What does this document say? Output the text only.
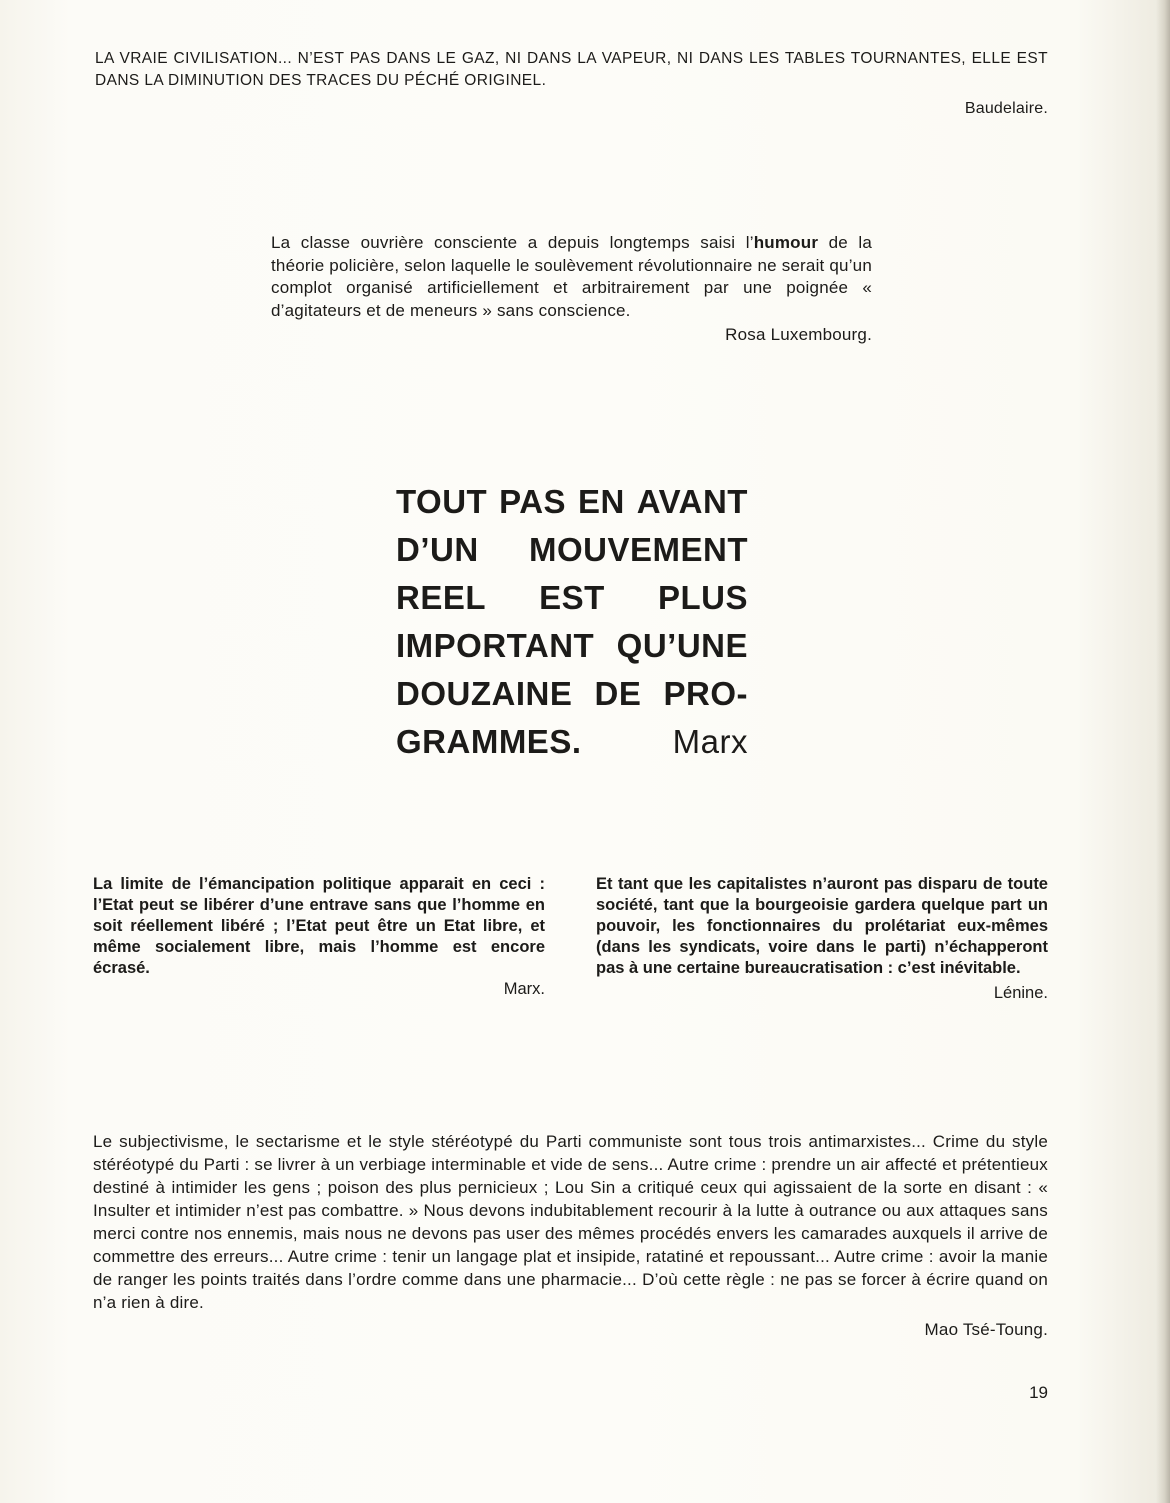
LA VRAIE CIVILISATION... N’EST PAS DANS LE GAZ, NI DANS LA VAPEUR, NI DANS LES TABLES TOURNANTES, ELLE EST DANS LA DIMINUTION DES TRACES DU PÉCHÉ ORIGINEL.
Baudelaire.
La classe ouvrière consciente a depuis longtemps saisi l’humour de la théorie policière, selon laquelle le soulèvement révolutionnaire ne serait qu’un complot organisé artificiellement et arbitrairement par une poignée « d’agitateurs et de meneurs » sans conscience.
Rosa Luxembourg.
TOUT PAS EN AVANT
D’UN MOUVEMENT
REEL EST PLUS
IMPORTANT QU’UNE
DOUZAINE DE PRO-
GRAMMES.	Marx
La limite de l’émancipation politique apparait en ceci : l’Etat peut se libérer d’une entrave sans que l’homme en soit réellement libéré ; l’Etat peut être un Etat libre, et même socialement libre, mais l’homme est encore écrasé.
Marx.
Et tant que les capitalistes n’auront pas disparu de toute société, tant que la bourgeoisie gardera quelque part un pouvoir, les fonctionnaires du prolétariat eux-mêmes (dans les syndicats, voire dans le parti) n’échapperont pas à une certaine bureaucratisation : c’est inévitable.
Lénine.
Le subjectivisme, le sectarisme et le style stéréotypé du Parti communiste sont tous trois antimarxistes... Crime du style stéréotypé du Parti : se livrer à un verbiage interminable et vide de sens... Autre crime : prendre un air affecté et prétentieux destiné à intimider les gens ; poison des plus pernicieux ; Lou Sin a critiqué ceux qui agissaient de la sorte en disant : « Insulter et intimider n’est pas combattre. » Nous devons indubitablement recourir à la lutte à outrance ou aux attaques sans merci contre nos ennemis, mais nous ne devons pas user des mêmes procédés envers les camarades auxquels il arrive de commettre des erreurs... Autre crime : tenir un langage plat et insipide, ratatiné et repoussant... Autre crime : avoir la manie de ranger les points traités dans l’ordre comme dans une pharmacie... D’où cette règle : ne pas se forcer à écrire quand on n’a rien à dire.
Mao Tsé-Toung.
19
